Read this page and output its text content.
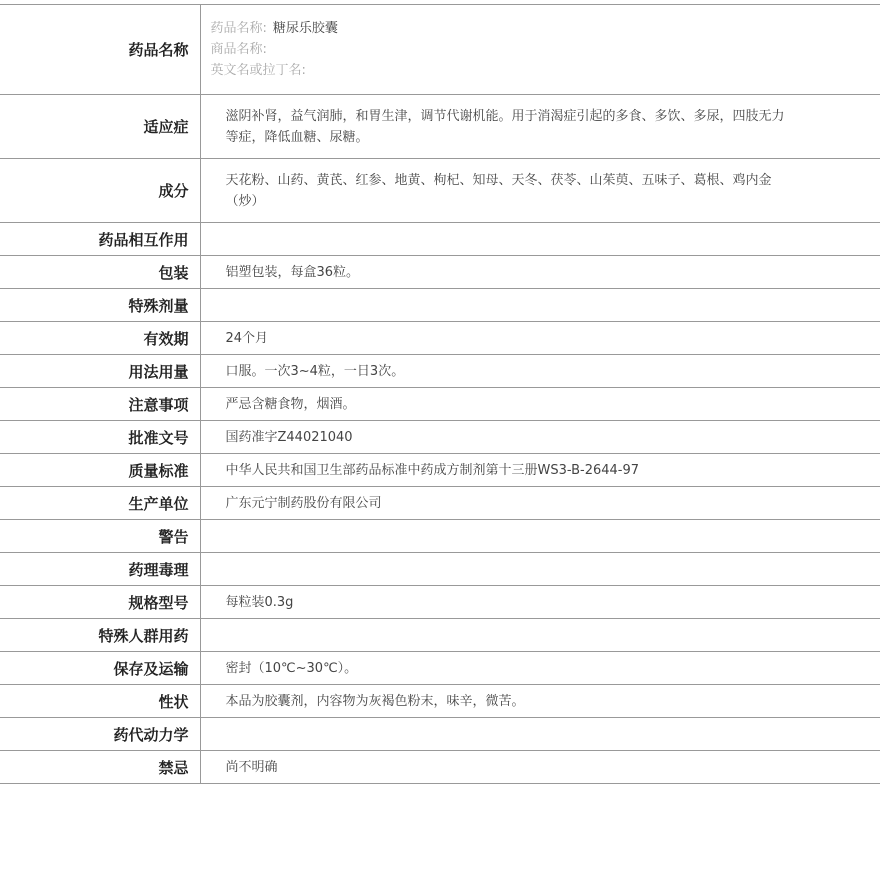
药品名称	药品名称: 糖尿乐胶囊
商品名称:
英文名或拉丁名:

适应症	滋阴补肾，益气润肺，和胃生津，调节代谢机能。用于消渴症引起的多食、多饮、多尿，四肢无力等症，降低血糖、尿糖。
成分	天花粉、山药、黄芪、红参、地黄、枸杞、知母、天冬、茯苓、山茱萸、五味子、葛根、鸡内金（炒）
药品相互作用	
包装	铝塑包装，每盒36粒。
特殊剂量	
有效期	24个月
用法用量	口服。一次3~4粒，一日3次。
注意事项	严忌含糖食物，烟酒。
批准文号	国药准字Z44021040
质量标准	中华人民共和国卫生部药品标准中药成方制剂第十三册WS3-B-2644-97
生产单位	广东元宁制药股份有限公司
警告	
药理毒理	
规格型号	每粒装0.3g
特殊人群用药	
保存及运输	密封（10℃~30℃）。
性状	本品为胶囊剂，内容物为灰褐色粉末，味辛，微苦。
药代动力学	
禁忌	尚不明确
